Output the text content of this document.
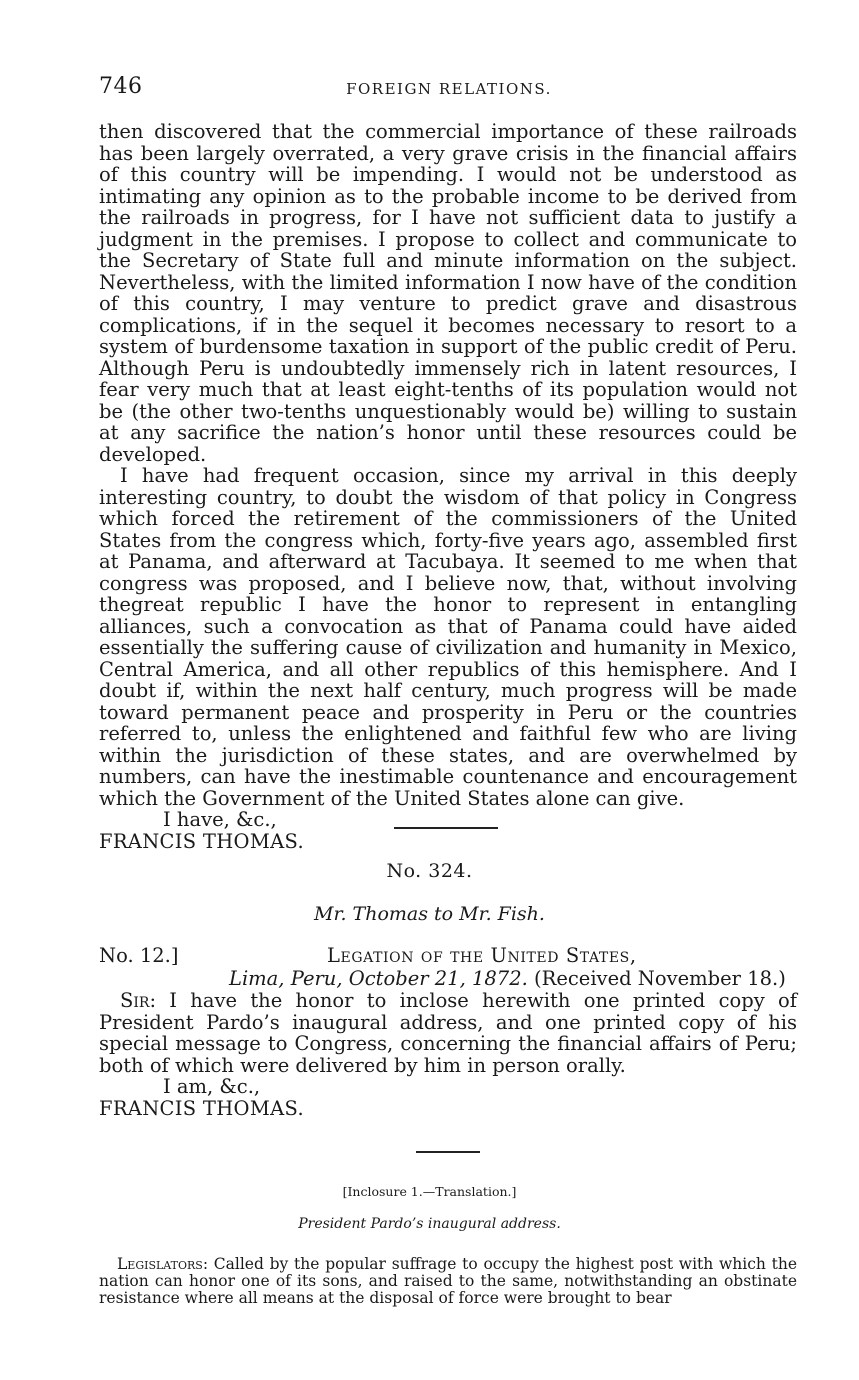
746	FOREIGN RELATIONS.

then discovered that the commercial importance of these railroads has been largely overrated, a very grave crisis in the financial affairs of this country will be impending. I would not be understood as intimating any opinion as to the probable income to be derived from the railroads in progress, for I have not sufficient data to justify a judgment in the premises. I propose to collect and communicate to the Secretary of State full and minute information on the subject. Nevertheless, with the limited information I now have of the condition of this country, I may venture to predict grave and disastrous complications, if in the sequel it becomes necessary to resort to a system of burdensome taxation in support of the public credit of Peru. Although Peru is undoubtedly immensely rich in latent resources, I fear very much that at least eight-tenths of its population would not be (the other two-tenths unquestionably would be) willing to sustain at any sacrifice the nation’s honor until these resources could be developed.

I have had frequent occasion, since my arrival in this deeply interesting country, to doubt the wisdom of that policy in Congress which forced the retirement of the commissioners of the United States from the congress which, forty-five years ago, assembled first at Panama, and afterward at Tacubaya. It seemed to me when that congress was proposed, and I believe now, that, without involving thegreat republic I have the honor to represent in entangling alliances, such a convocation as that of Panama could have aided essentially the suffering cause of civilization and humanity in Mexico, Central America, and all other republics of this hemisphere. And I doubt if, within the next half century, much progress will be made toward permanent peace and prosperity in Peru or the countries referred to, unless the enlightened and faithful few who are living within the jurisdiction of these states, and are overwhelmed by numbers, can have the inestimable countenance and encouragement which the Government of the United States alone can give.

I have, &c.,

FRANCIS THOMAS.

No. 324.
Mr. Thomas to Mr. Fish.
No. 12.]	Legation of the United States,
Lima, Peru, October 21, 1872. (Received November 18.)

Sir: I have the honor to inclose herewith one printed copy of President Pardo’s inaugural address, and one printed copy of his special message to Congress, concerning the financial affairs of Peru; both of which were delivered by him in person orally.

I am, &c.,

FRANCIS THOMAS.

[Inclosure 1.—Translation.]
President Pardo’s inaugural address.

Legislators: Called by the popular suffrage to occupy the highest post with which the nation can honor one of its sons, and raised to the same, notwithstanding an obstinate resistance where all means at the disposal of force were brought to bear
